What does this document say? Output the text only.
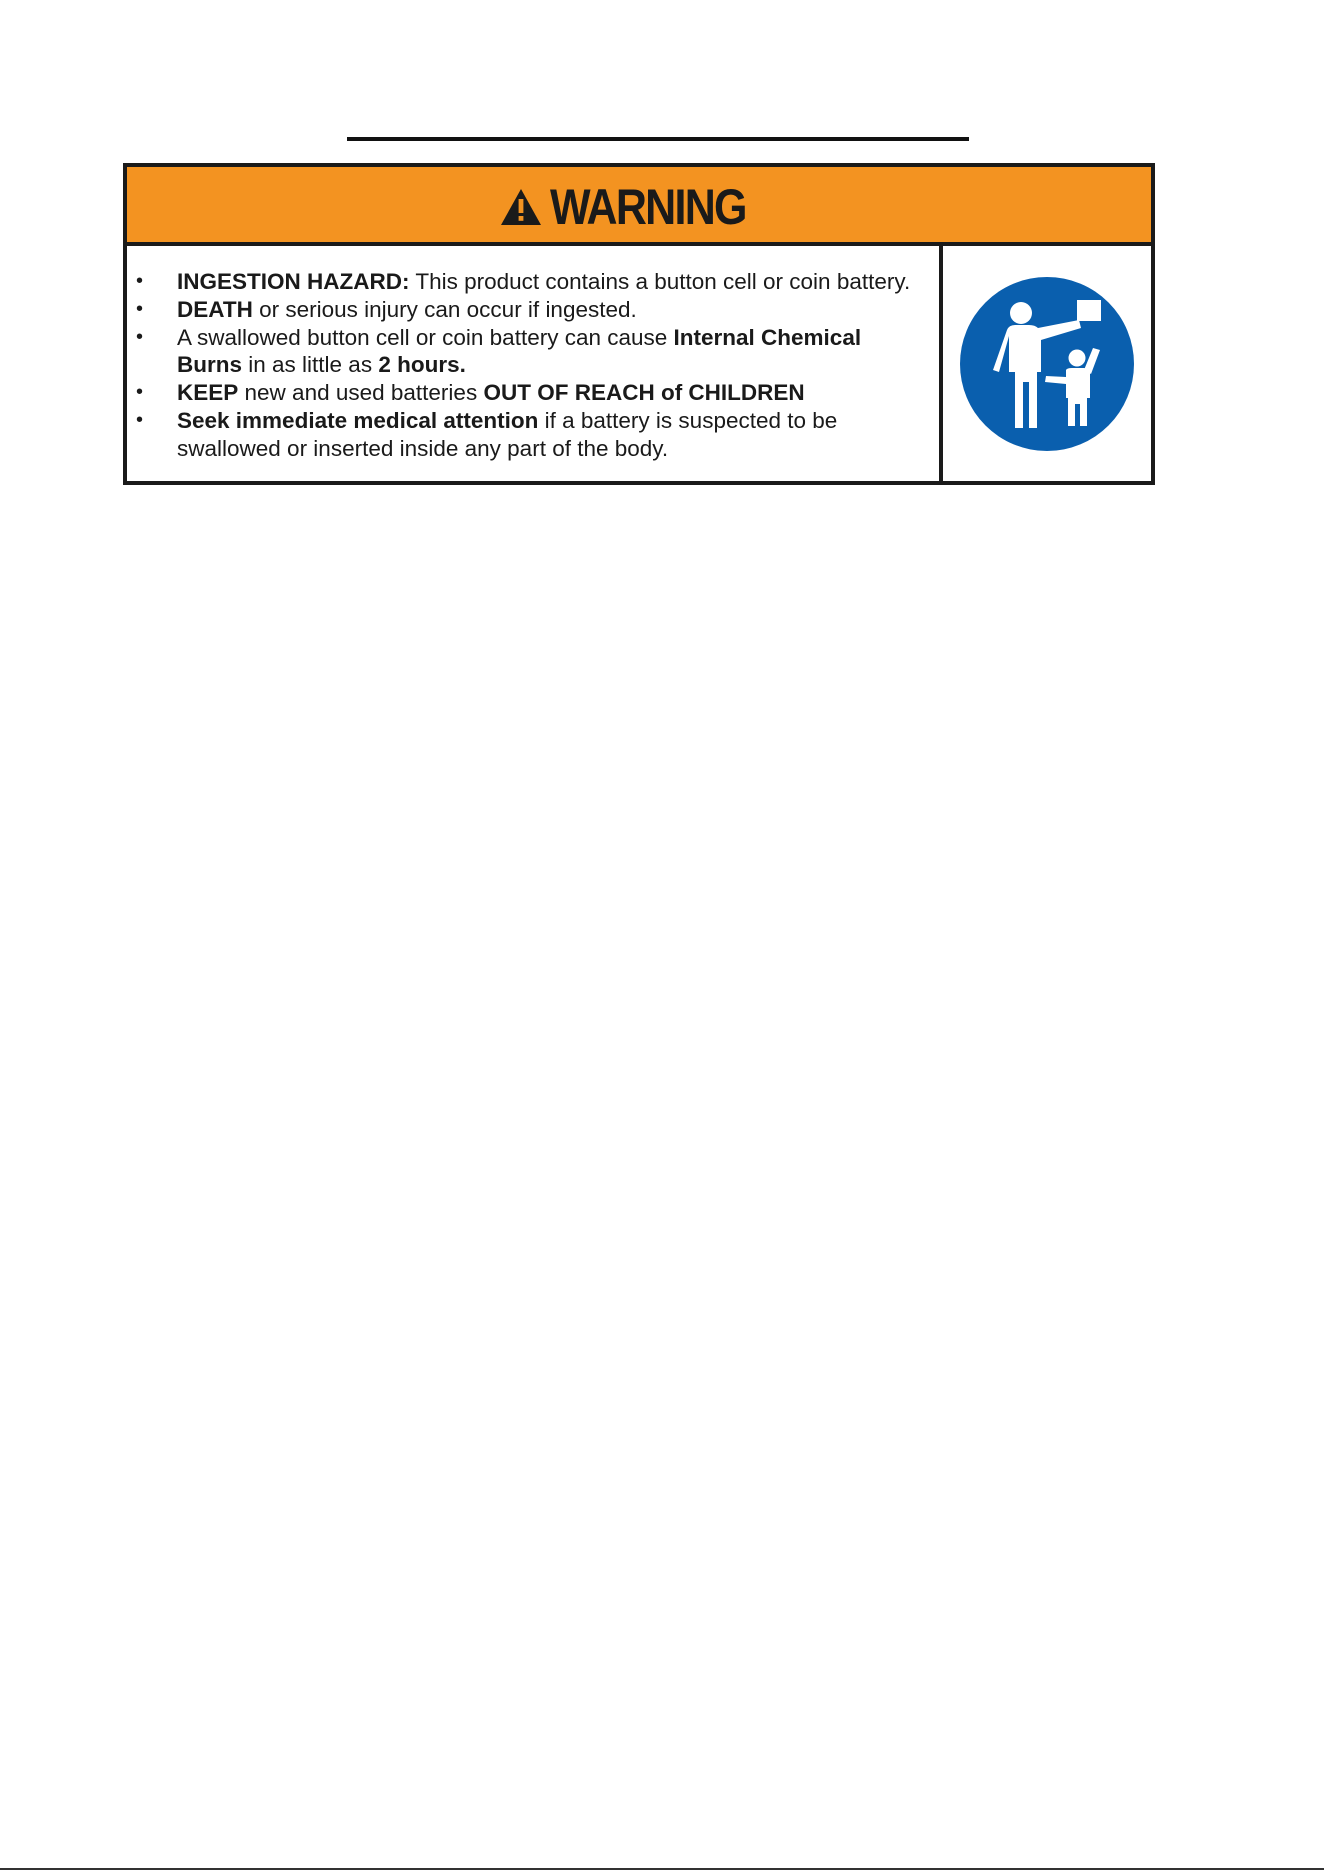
WARNING
• INGESTION HAZARD: This product contains a button cell or coin battery.
• DEATH or serious injury can occur if ingested.
• A swallowed button cell or coin battery can cause Internal Chemical
Burns in as little as 2 hours.
• KEEP new and used batteries OUT OF REACH of CHILDREN
• Seek immediate medical attention if a battery is suspected to be
swallowed or inserted inside any part of the body.
